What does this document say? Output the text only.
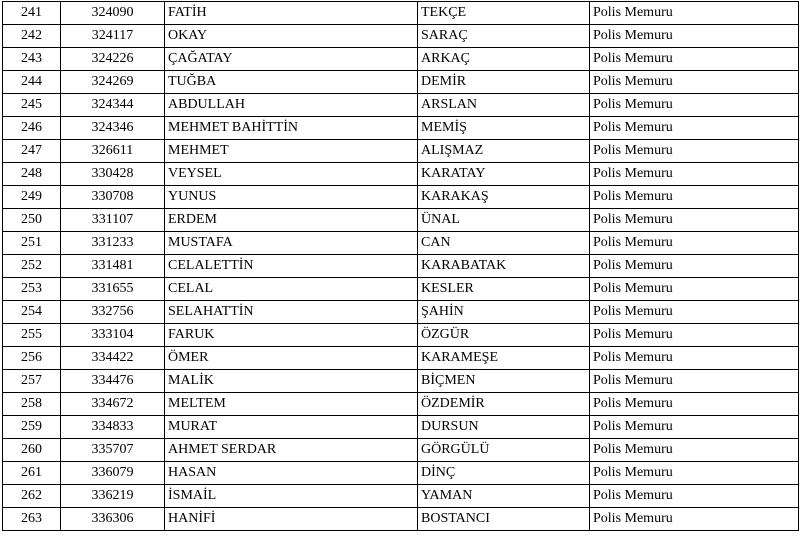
241	324090	FATİH	TEKÇE	Polis Memuru
242	324117	OKAY	SARAÇ	Polis Memuru
243	324226	ÇAĞATAY	ARKAÇ	Polis Memuru
244	324269	TUĞBA	DEMİR	Polis Memuru
245	324344	ABDULLAH	ARSLAN	Polis Memuru
246	324346	MEHMET BAHİTTİN	MEMİŞ	Polis Memuru
247	326611	MEHMET	ALIŞMAZ	Polis Memuru
248	330428	VEYSEL	KARATAY	Polis Memuru
249	330708	YUNUS	KARAKAŞ	Polis Memuru
250	331107	ERDEM	ÜNAL	Polis Memuru
251	331233	MUSTAFA	CAN	Polis Memuru
252	331481	CELALETTİN	KARABATAK	Polis Memuru
253	331655	CELAL	KESLER	Polis Memuru
254	332756	SELAHATTİN	ŞAHİN	Polis Memuru
255	333104	FARUK	ÖZGÜR	Polis Memuru
256	334422	ÖMER	KARAMEŞE	Polis Memuru
257	334476	MALİK	BİÇMEN	Polis Memuru
258	334672	MELTEM	ÖZDEMİR	Polis Memuru
259	334833	MURAT	DURSUN	Polis Memuru
260	335707	AHMET SERDAR	GÖRGÜLÜ	Polis Memuru
261	336079	HASAN	DİNÇ	Polis Memuru
262	336219	İSMAİL	YAMAN	Polis Memuru
263	336306	HANİFİ	BOSTANCI	Polis Memuru
